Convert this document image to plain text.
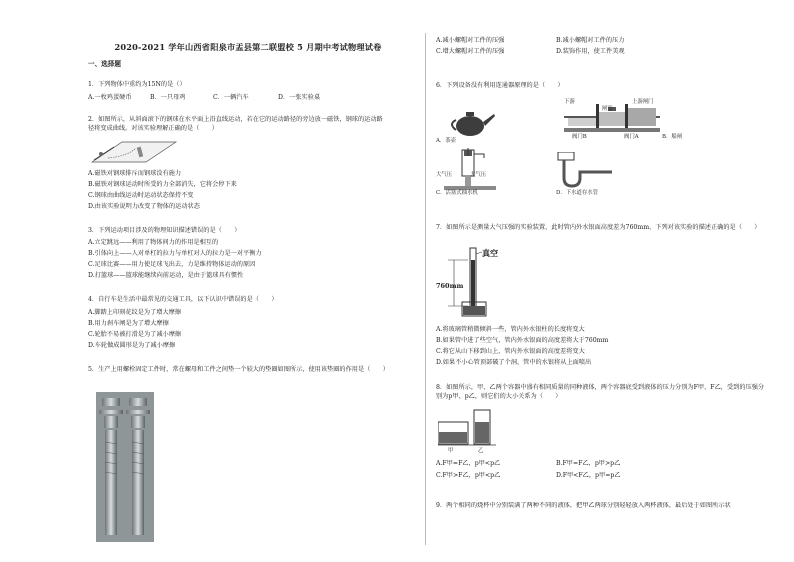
2020-2021 学年山西省阳泉市盂县第二联盟校 5 月期中考试物理试卷
一、选择题
1．下列物体中重约为15N的是（）
A.一枚鸡蛋硬币	B．一只母鸡	C．一辆汽车	D．一张实验桌
2．如图所示，从斜面滚下的钢球在水平面上沿直线运动，若在它的运动路径的旁边放一磁铁，钢球的运动路径将变成曲线。对该实验理解正确的是（　　）
A.磁铁对钢球排斥而钢球没有施力
B.磁铁对钢球运动时所受的力全部消失，它将会停下来
C.钢球由曲线运动时运动状态保持不变
D.由该实验说明力改变了物体的运动状态
3．下列运动项目涉及的物理知识描述错误的是（　　）
A.立定跳远——利用了物体间力的作用是相互的
B.引体向上——人对单杠的拉力与单杠对人的拉力是一对平衡力
C.足球比赛——用力使足球飞出去，力是维持物体运动的原因
D.打篮球——篮球能继续向前运动，是由于篮球具有惯性
4．自行车是生活中最常见的交通工具，以下认识中错误的是（　　）
A.脚踏上印刻花纹是为了增大摩擦
B.用力刹车闸是为了增大摩擦
C.轮胎不易被打滑是为了减小摩擦
D.车轮做成圆形是为了减小摩擦
5．生产上用螺栓固定工件时，常在螺母和工件之间垫一个较大的垫圈如图所示，使用该垫圈的作用是（　　）
A.减小螺帽对工件的压强	B.减小螺帽对工件的压力
C.增大螺帽对工件的压强	D.装饰作用，使工件美观
6．下列设备没有利用连通器原理的是（　　）
A．茶壶
下游
闸室
上游闸门
阀门B	阀门A	B．船闸
大气压	大气压
C．活塞式抽水机	D．下水道存水管
7．如图所示是测量大气压强的实验装置，此时管内外水银面高度差为760mm，下列对该实验的描述正确的是（　　）
真空
760mm
A.将玻璃管稍微倾斜一些，管内外水银柱的长度将变大
B.如果管中进了些空气，管内外水银面的高度差将大于760mm
C.将它从山下移到山上，管内外水银面的高度差将变大
D.如果不小心管顶部破了个洞，管中的水银将从上面喷出
8．如图所示，甲、乙两个容器中盛有相同质量的同种液体，两个容器底受到液体的压力分别为F甲、F乙，受到的压强分别为p甲、p乙，则它们的大小关系为（　　）
甲	乙
A.F甲=F乙，p甲<p乙	B.F甲=F乙，p甲>p乙
C.F甲>F乙，p甲<p乙	D.F甲<F乙，p甲=p乙
9．两个相同的烧杯中分别装满了两种不同的液体，把甲乙两球分别轻轻放入两杯液体，最后处于如图所示状
